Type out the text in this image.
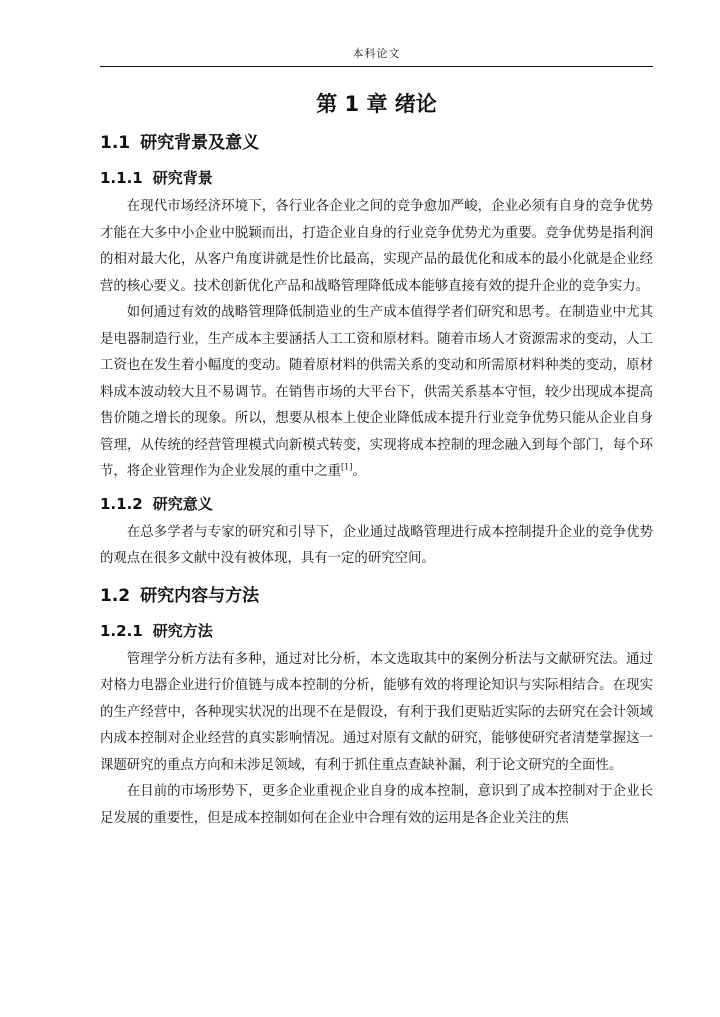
本科论文
第 1 章 绪论
1.1 研究背景及意义
1.1.1 研究背景

在现代市场经济环境下，各行业各企业之间的竞争愈加严峻，企业必须有自身的竞争优势才能在大多中小企业中脱颖而出，打造企业自身的行业竞争优势尤为重要。竞争优势是指利润的相对最大化，从客户角度讲就是性价比最高，实现产品的最优化和成本的最小化就是企业经营的核心要义。技术创新优化产品和战略管理降低成本能够直接有效的提升企业的竞争实力。

如何通过有效的战略管理降低制造业的生产成本值得学者们研究和思考。在制造业中尤其是电器制造行业，生产成本主要涵括人工工资和原材料。随着市场人才资源需求的变动，人工工资也在发生着小幅度的变动。随着原材料的供需关系的变动和所需原材料种类的变动，原材料成本波动较大且不易调节。在销售市场的大平台下，供需关系基本守恒，较少出现成本提高售价随之增长的现象。所以，想要从根本上使企业降低成本提升行业竞争优势只能从企业自身管理，从传统的经营管理模式向新模式转变，实现将成本控制的理念融入到每个部门，每个环节，将企业管理作为企业发展的重中之重[1]。

1.1.2 研究意义

在总多学者与专家的研究和引导下，企业通过战略管理进行成本控制提升企业的竞争优势的观点在很多文献中没有被体现，具有一定的研究空间。

1.2 研究内容与方法
1.2.1 研究方法

管理学分析方法有多种，通过对比分析，本文选取其中的案例分析法与文献研究法。通过对格力电器企业进行价值链与成本控制的分析，能够有效的将理论知识与实际相结合。在现实的生产经营中，各种现实状况的出现不在是假设，有利于我们更贴近实际的去研究在会计领域内成本控制对企业经营的真实影响情况。通过对原有文献的研究，能够使研究者清楚掌握这一课题研究的重点方向和未涉足领域，有利于抓住重点查缺补漏，利于论文研究的全面性。

在目前的市场形势下，更多企业重视企业自身的成本控制，意识到了成本控制对于企业长足发展的重要性，但是成本控制如何在企业中合理有效的运用是各企业关注的焦
